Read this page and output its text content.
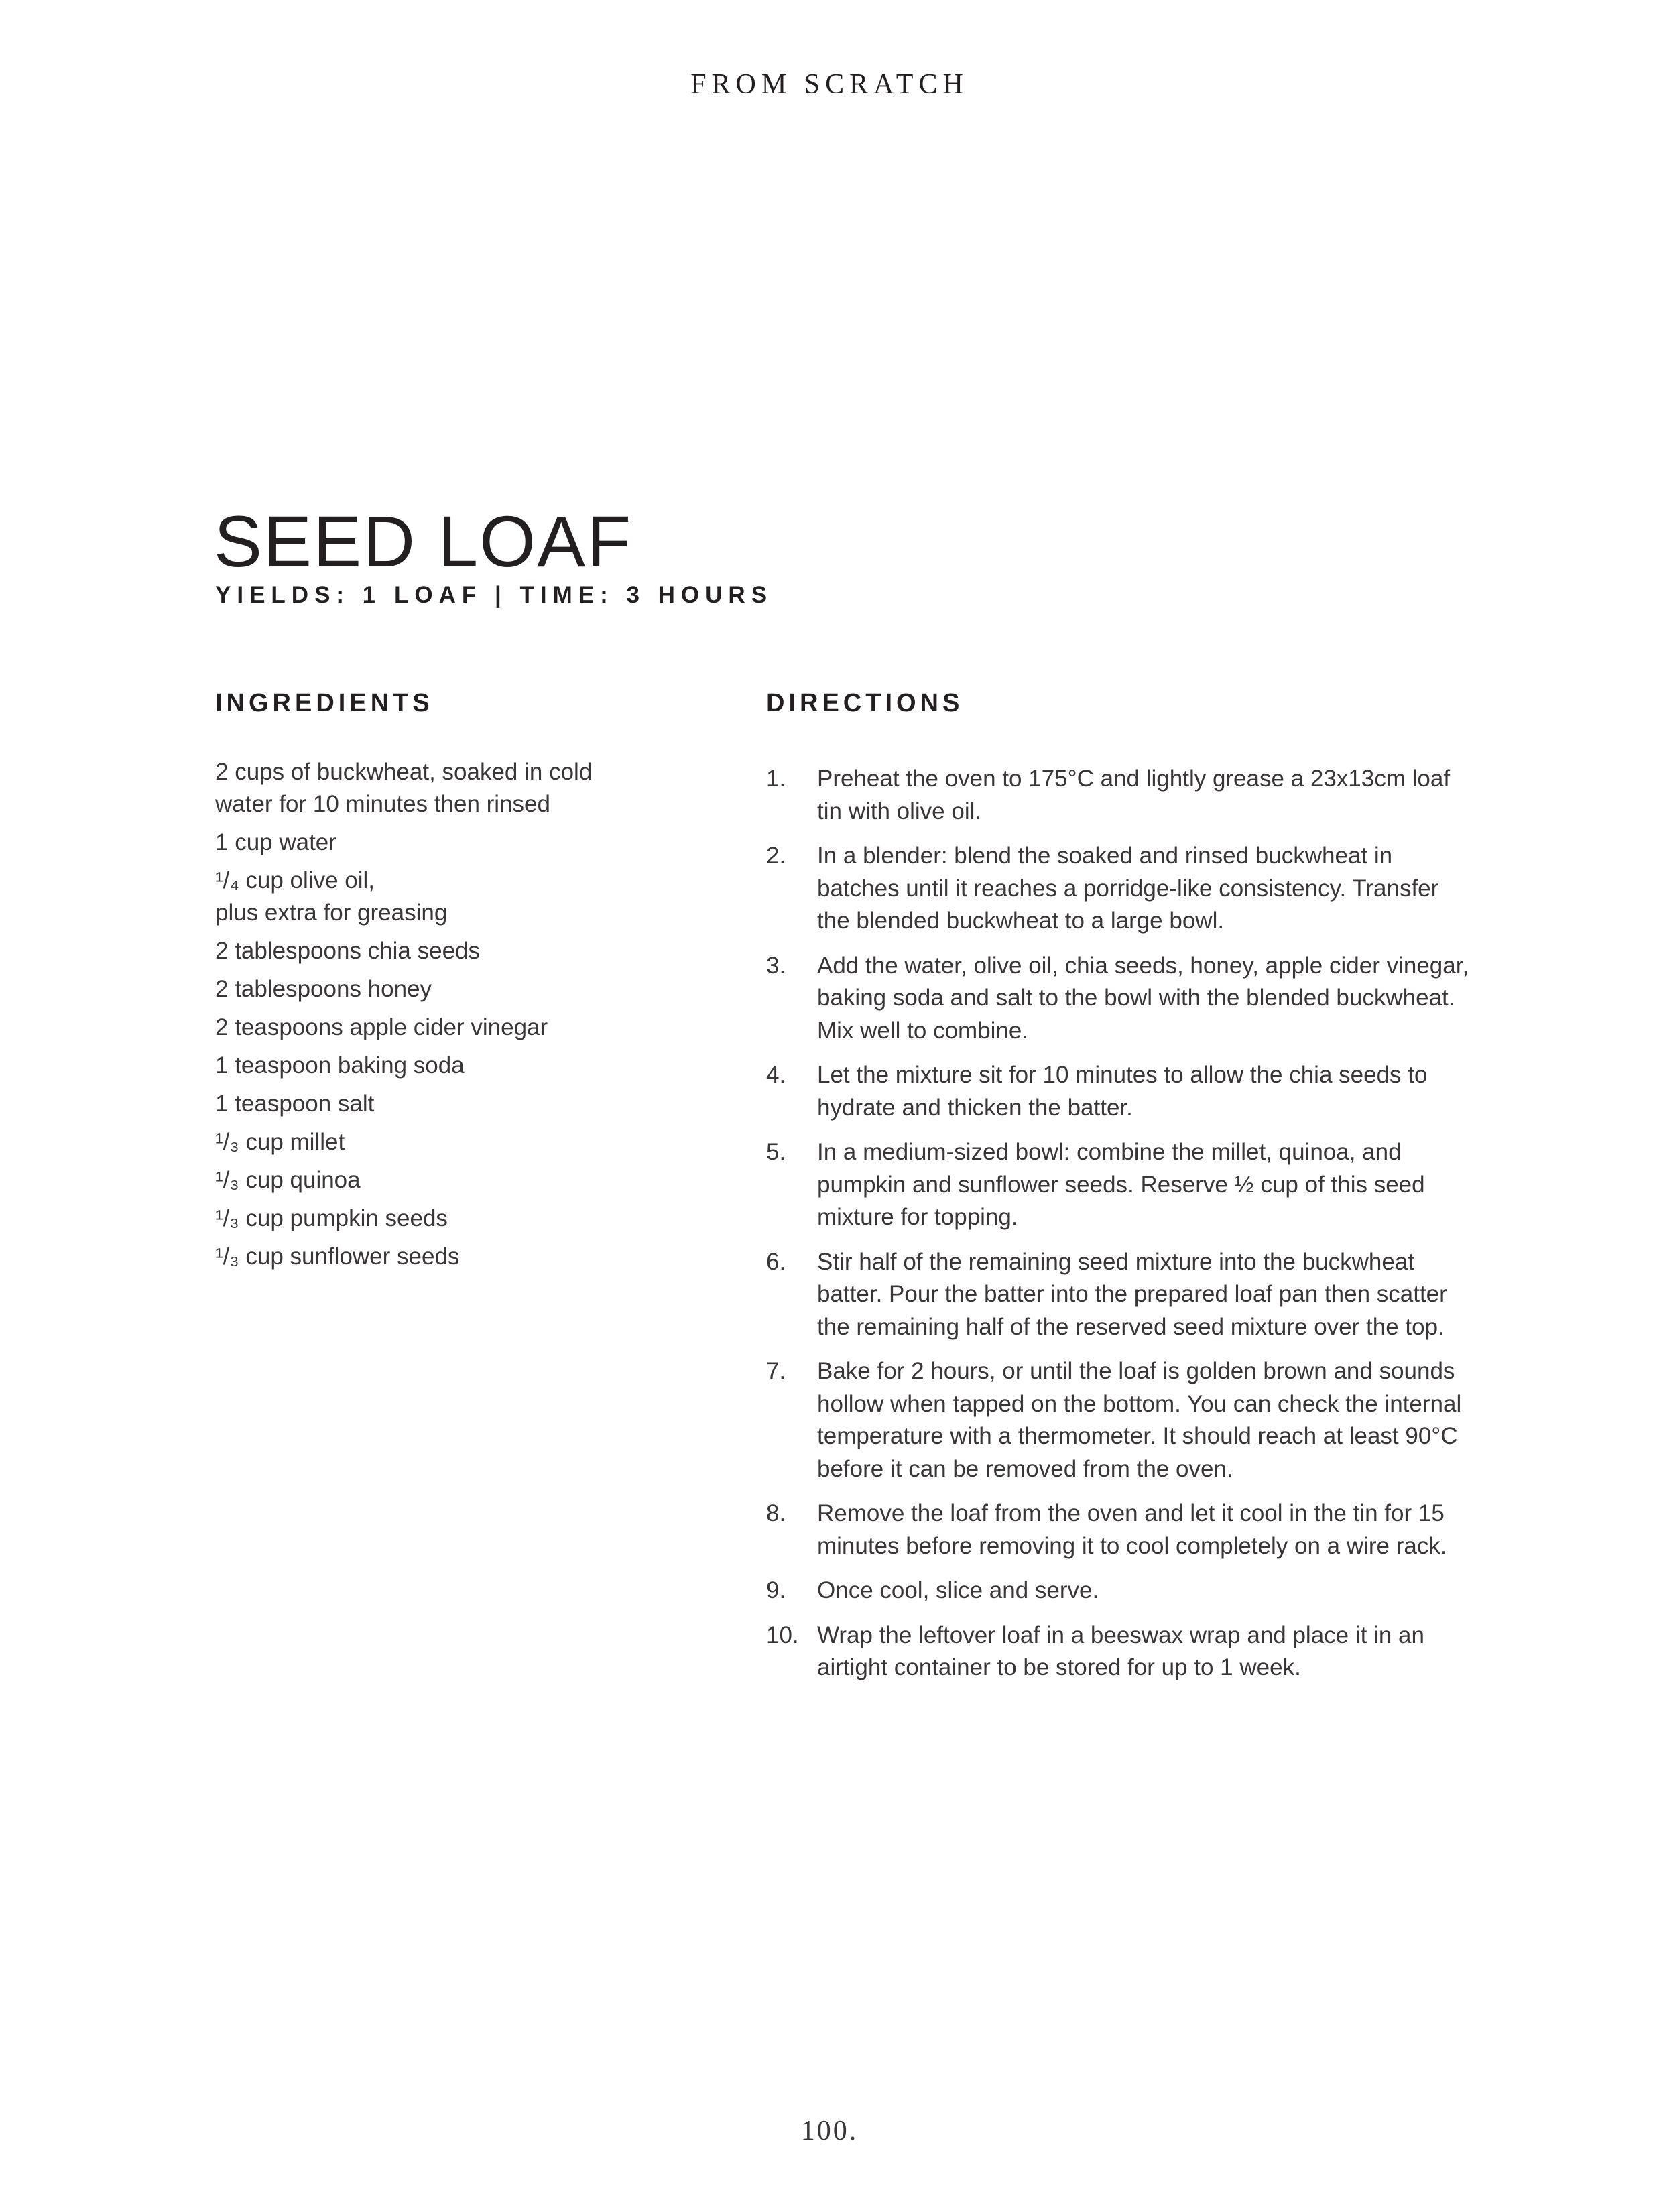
FROM SCRATCH
SEED LOAF
YIELDS: 1 LOAF | TIME: 3 HOURS
INGREDIENTS
2 cups of buckwheat, soaked in cold
water for 10 minutes then rinsed
1 cup water
¹/₄ cup olive oil,
plus extra for greasing
2 tablespoons chia seeds
2 tablespoons honey
2 teaspoons apple cider vinegar
1 teaspoon baking soda
1 teaspoon salt
¹/₃ cup millet
¹/₃ cup quinoa
¹/₃ cup pumpkin seeds
¹/₃ cup sunflower seeds
DIRECTIONS
1.	Preheat the oven to 175°C and lightly grease a 23x13cm loaf tin with olive oil.
2.	In a blender: blend the soaked and rinsed buckwheat in batches until it reaches a porridge-like consistency. Transfer the blended buckwheat to a large bowl.
3.	Add the water, olive oil, chia seeds, honey, apple cider vinegar, baking soda and salt to the bowl with the blended buckwheat. Mix well to combine.
4.	Let the mixture sit for 10 minutes to allow the chia seeds to hydrate and thicken the batter.
5.	In a medium-sized bowl: combine the millet, quinoa, and pumpkin and sunflower seeds. Reserve ½ cup of this seed mixture for topping.
6.	Stir half of the remaining seed mixture into the buckwheat batter. Pour the batter into the prepared loaf pan then scatter the remaining half of the reserved seed mixture over the top.
7.	Bake for 2 hours, or until the loaf is golden brown and sounds hollow when tapped on the bottom. You can check the internal temperature with a thermometer. It should reach at least 90°C before it can be removed from the oven.
8.	Remove the loaf from the oven and let it cool in the tin for 15 minutes before removing it to cool completely on a wire rack.
9.	Once cool, slice and serve.
10. Wrap the leftover loaf in a beeswax wrap and place it in an airtight container to be stored for up to 1 week.
100.
